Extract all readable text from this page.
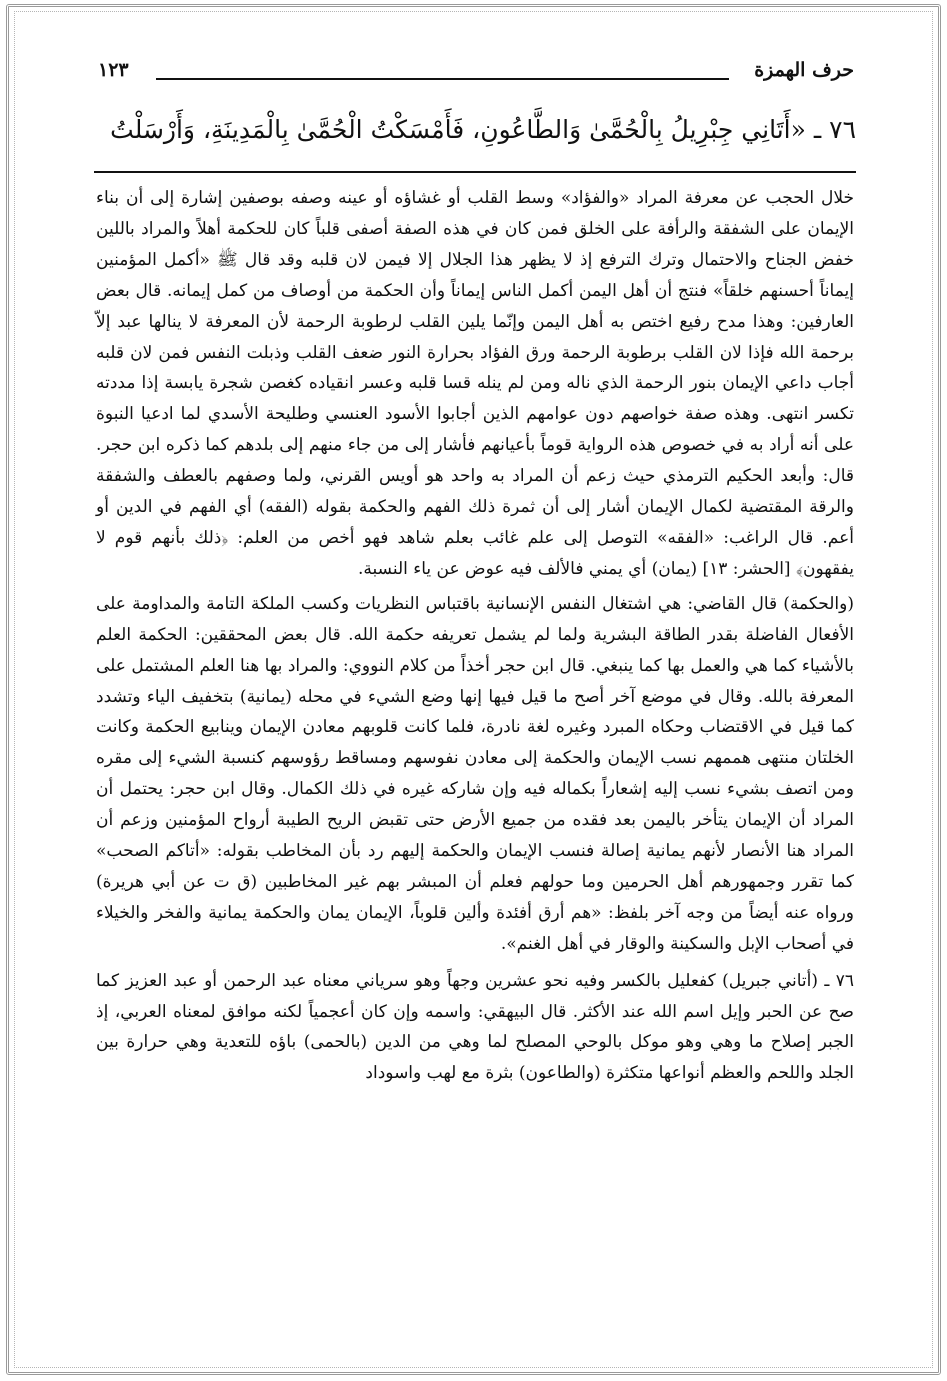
حرف الهمزة
١٢٣
٧٦ ـ «أَتَانِي جِبْرِيلُ بِالْحُمَّىٰ وَالطَّاعُونِ، فَأَمْسَكْتُ الْحُمَّىٰ بِالْمَدِينَةِ، وَأَرْسَلْتُ

خلال الحجب عن معرفة المراد «والفؤاد» وسط القلب أو غشاؤه أو عينه وصفه بوصفين إشارة إلى أن بناء الإيمان على الشفقة والرأفة على الخلق فمن كان في هذه الصفة أصفى قلباً كان للحكمة أهلاً والمراد باللين خفض الجناح والاحتمال وترك الترفع إذ لا يظهر هذا الجلال إلا فيمن لان قلبه وقد قال ﷺ «أكمل المؤمنين إيماناً أحسنهم خلقاً» فنتج أن أهل اليمن أكمل الناس إيماناً وأن الحكمة من أوصاف من كمل إيمانه. قال بعض العارفين: وهذا مدح رفيع اختص به أهل اليمن وإنّما يلين القلب لرطوبة الرحمة لأن المعرفة لا ينالها عبد إلاّ برحمة الله فإذا لان القلب برطوبة الرحمة ورق الفؤاد بحرارة النور ضعف القلب وذبلت النفس فمن لان قلبه أجاب داعي الإيمان بنور الرحمة الذي ناله ومن لم ينله قسا قلبه وعسر انقياده كغصن شجرة يابسة إذا مددته تكسر انتهى. وهذه صفة خواصهم دون عوامهم الذين أجابوا الأسود العنسي وطليحة الأسدي لما ادعيا النبوة على أنه أراد به في خصوص هذه الرواية قوماً بأعيانهم فأشار إلى من جاء منهم إلى بلدهم كما ذكره ابن حجر. قال: وأبعد الحكيم الترمذي حيث زعم أن المراد به واحد هو أويس القرني، ولما وصفهم بالعطف والشفقة والرقة المقتضية لكمال الإيمان أشار إلى أن ثمرة ذلك الفهم والحكمة بقوله (الفقه) أي الفهم في الدين أو أعم. قال الراغب: «الفقه» التوصل إلى علم غائب بعلم شاهد فهو أخص من العلم: ﴿ذلك بأنهم قوم لا يفقهون﴾ [الحشر: ١٣] (يمان) أي يمني فالألف فيه عوض عن ياء النسبة.

(والحكمة) قال القاضي: هي اشتغال النفس الإنسانية باقتباس النظريات وكسب الملكة التامة والمداومة على الأفعال الفاضلة بقدر الطاقة البشرية ولما لم يشمل تعريفه حكمة الله. قال بعض المحققين: الحكمة العلم بالأشياء كما هي والعمل بها كما ينبغي. قال ابن حجر أخذاً من كلام النووي: والمراد بها هنا العلم المشتمل على المعرفة بالله. وقال في موضع آخر أصح ما قيل فيها إنها وضع الشيء في محله (يمانية) بتخفيف الياء وتشدد كما قيل في الاقتضاب وحكاه المبرد وغيره لغة نادرة، فلما كانت قلوبهم معادن الإيمان وينابيع الحكمة وكانت الخلتان منتهى هممهم نسب الإيمان والحكمة إلى معادن نفوسهم ومساقط رؤوسهم كنسبة الشيء إلى مقره ومن اتصف بشيء نسب إليه إشعاراً بكماله فيه وإن شاركه غيره في ذلك الكمال. وقال ابن حجر: يحتمل أن المراد أن الإيمان يتأخر باليمن بعد فقده من جميع الأرض حتى تقبض الريح الطيبة أرواح المؤمنين وزعم أن المراد هنا الأنصار لأنهم يمانية إصالة فنسب الإيمان والحكمة إليهم رد بأن المخاطب بقوله: «أتاكم الصحب» كما تقرر وجمهورهم أهل الحرمين وما حولهم فعلم أن المبشر بهم غير المخاطبين (ق ت عن أبي هريرة) ورواه عنه أيضاً من وجه آخر بلفظ: «هم أرق أفئدة وألين قلوباً، الإيمان يمان والحكمة يمانية والفخر والخيلاء في أصحاب الإبل والسكينة والوقار في أهل الغنم».

٧٦ ـ (أتاني جبريل) كفعليل بالكسر وفيه نحو عشرين وجهاً وهو سرياني معناه عبد الرحمن أو عبد العزيز كما صح عن الحبر وإيل اسم الله عند الأكثر. قال البيهقي: واسمه وإن كان أعجمياً لكنه موافق لمعناه العربي، إذ الجبر إصلاح ما وهي وهو موكل بالوحي المصلح لما وهي من الدين (بالحمى) باؤه للتعدية وهي حرارة بين الجلد واللحم والعظم أنواعها متكثرة (والطاعون) بثرة مع لهب واسوداد
